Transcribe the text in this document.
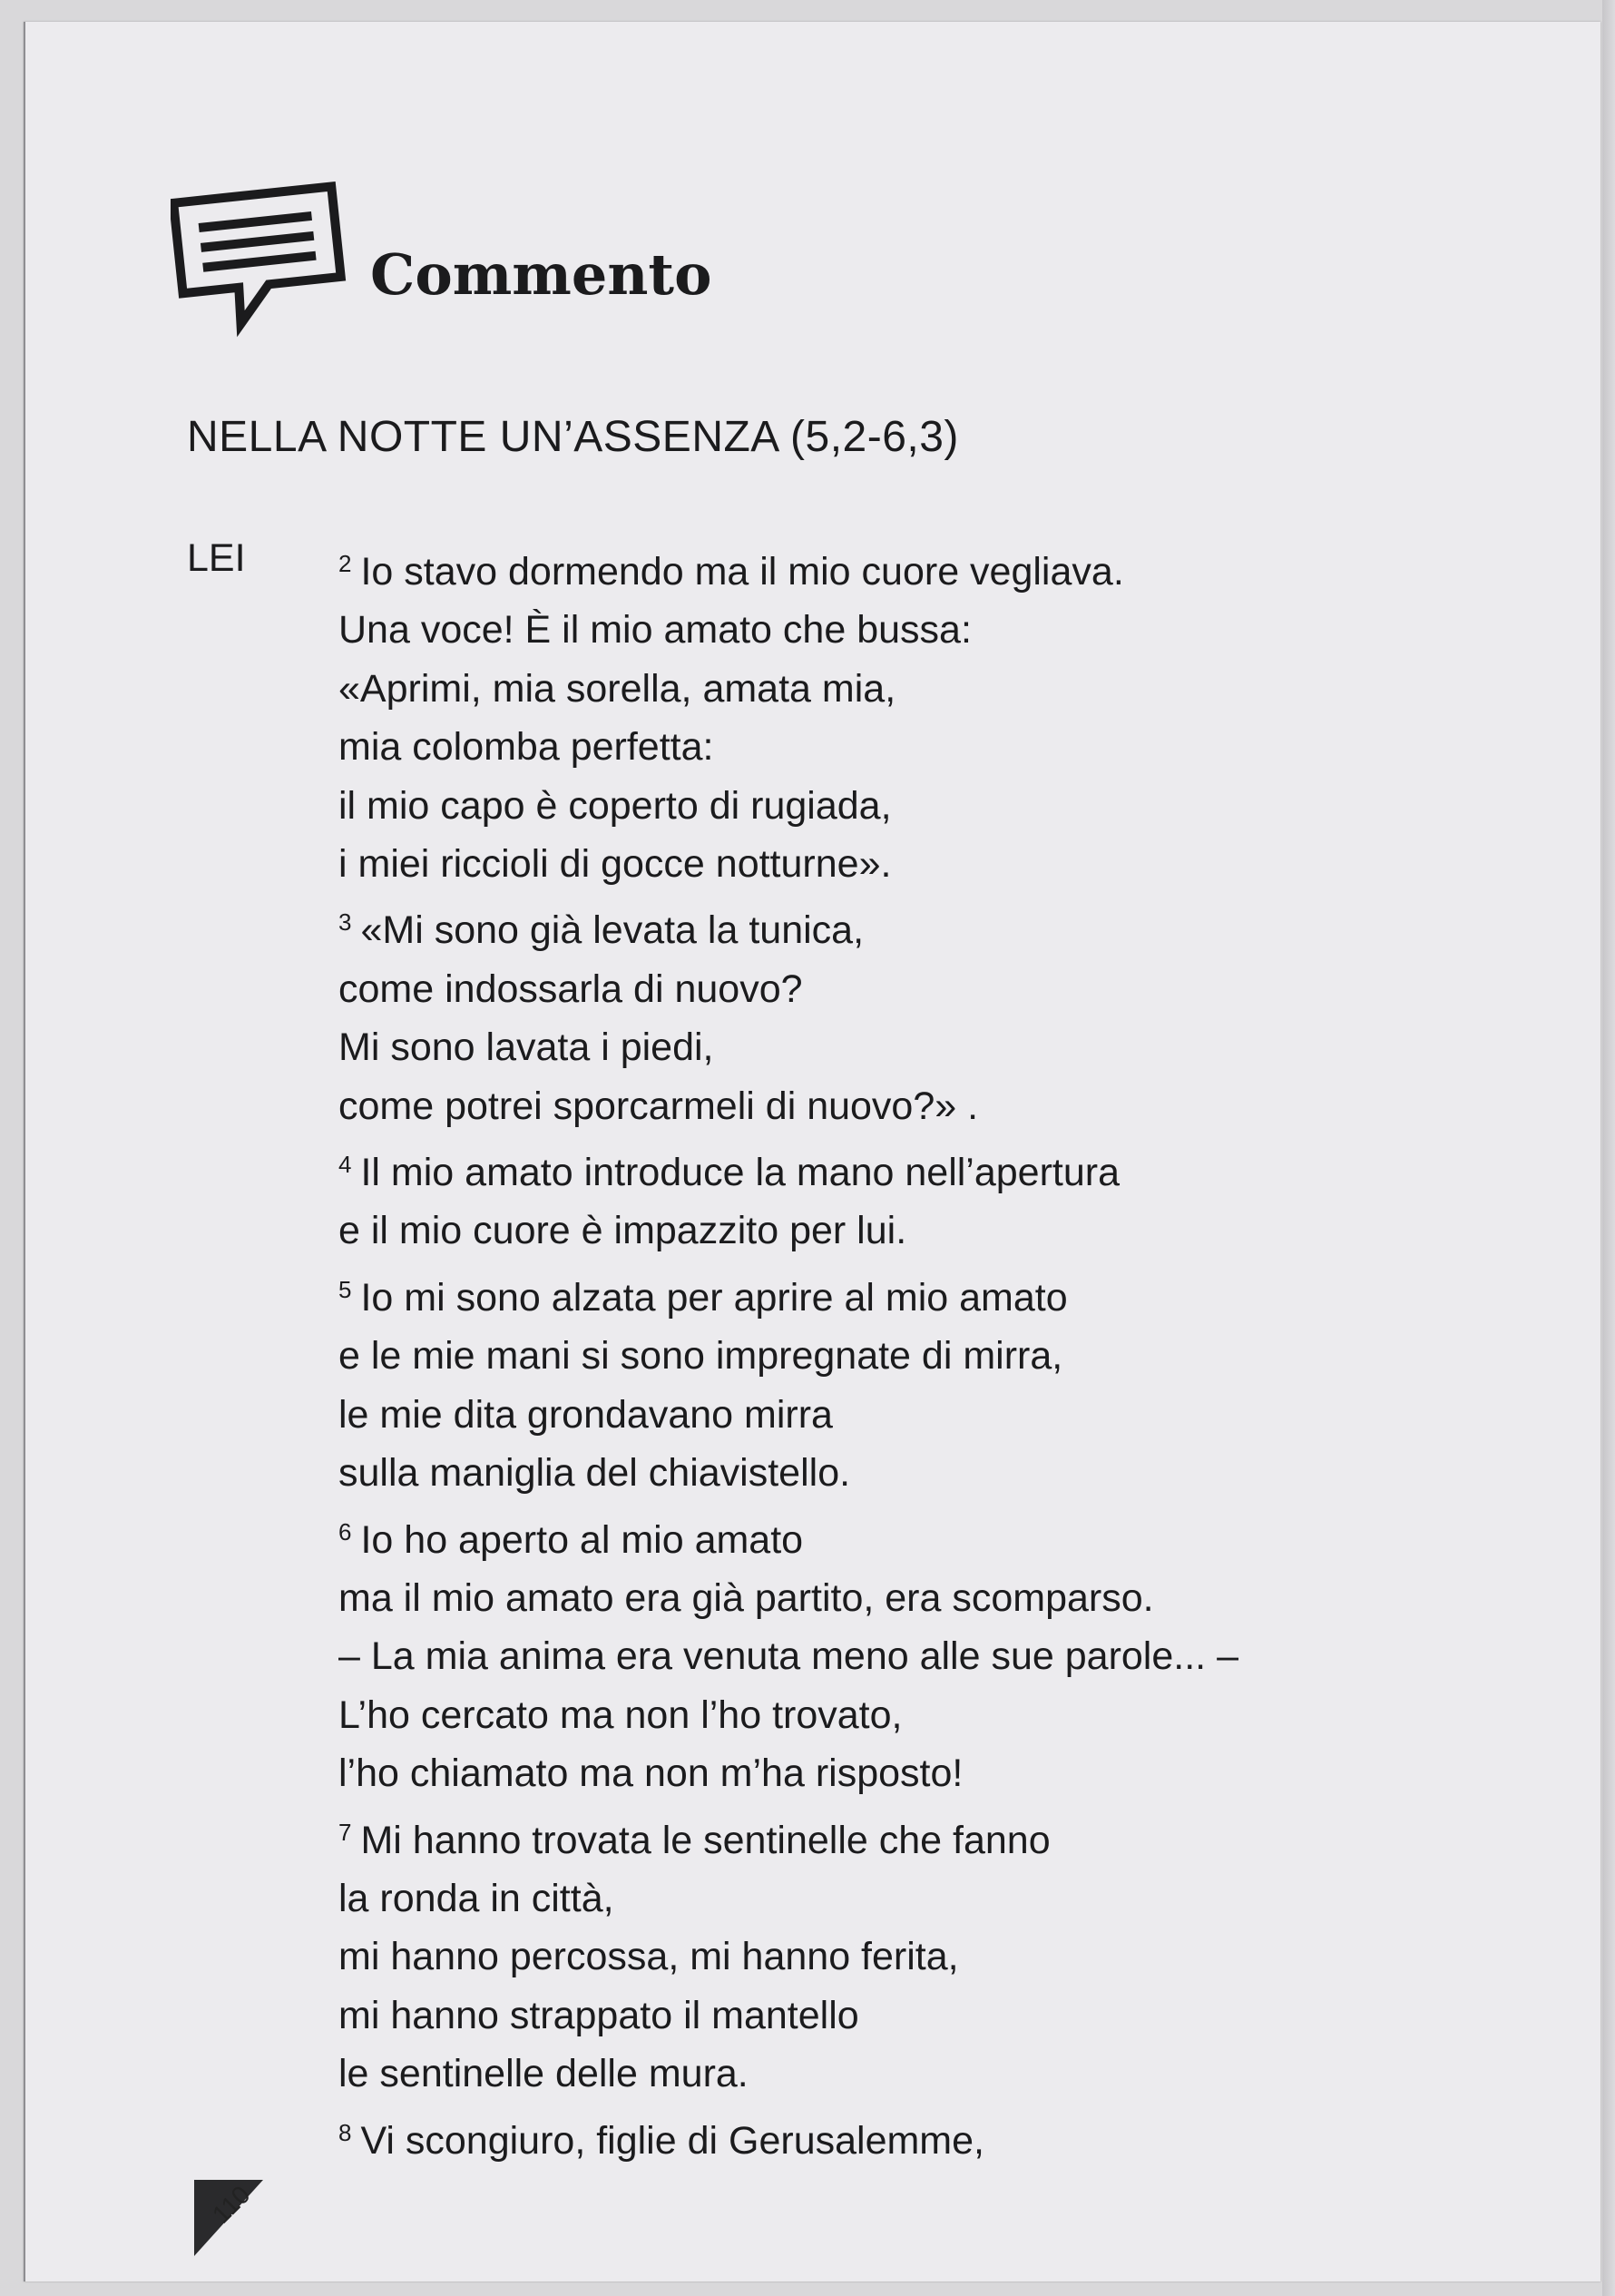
Commento
NELLA NOTTE UN’ASSENZA (5,2-6,3)
LEI	$^2$ Io stavo dormendo ma il mio cuore vegliava.
Una voce! È il mio amato che bussa:
«Aprimi, mia sorella, amata mia,
mia colomba perfetta:
il mio capo è coperto di rugiada,
i miei riccioli di gocce notturne».
$^3$ «Mi sono già levata la tunica,
come indossarla di nuovo?
Mi sono lavata i piedi,
come potrei sporcarmeli di nuovo?» .
$^4$ Il mio amato introduce la mano nell’apertura
e il mio cuore è impazzito per lui.
$^5$ Io mi sono alzata per aprire al mio amato
e le mie mani si sono impregnate di mirra,
le mie dita grondavano mirra
sulla maniglia del chiavistello.
$^6$ Io ho aperto al mio amato
ma il mio amato era già partito, era scomparso.
– La mia anima era venuta meno alle sue parole... –
L’ho cercato ma non l’ho trovato,
l’ho chiamato ma non m’ha risposto!
$^7$ Mi hanno trovata le sentinelle che fanno
la ronda in città,
mi hanno percossa, mi hanno ferita,
mi hanno strappato il mantello
le sentinelle delle mura.
$^8$ Vi scongiuro, figlie di Gerusalemme,
110
